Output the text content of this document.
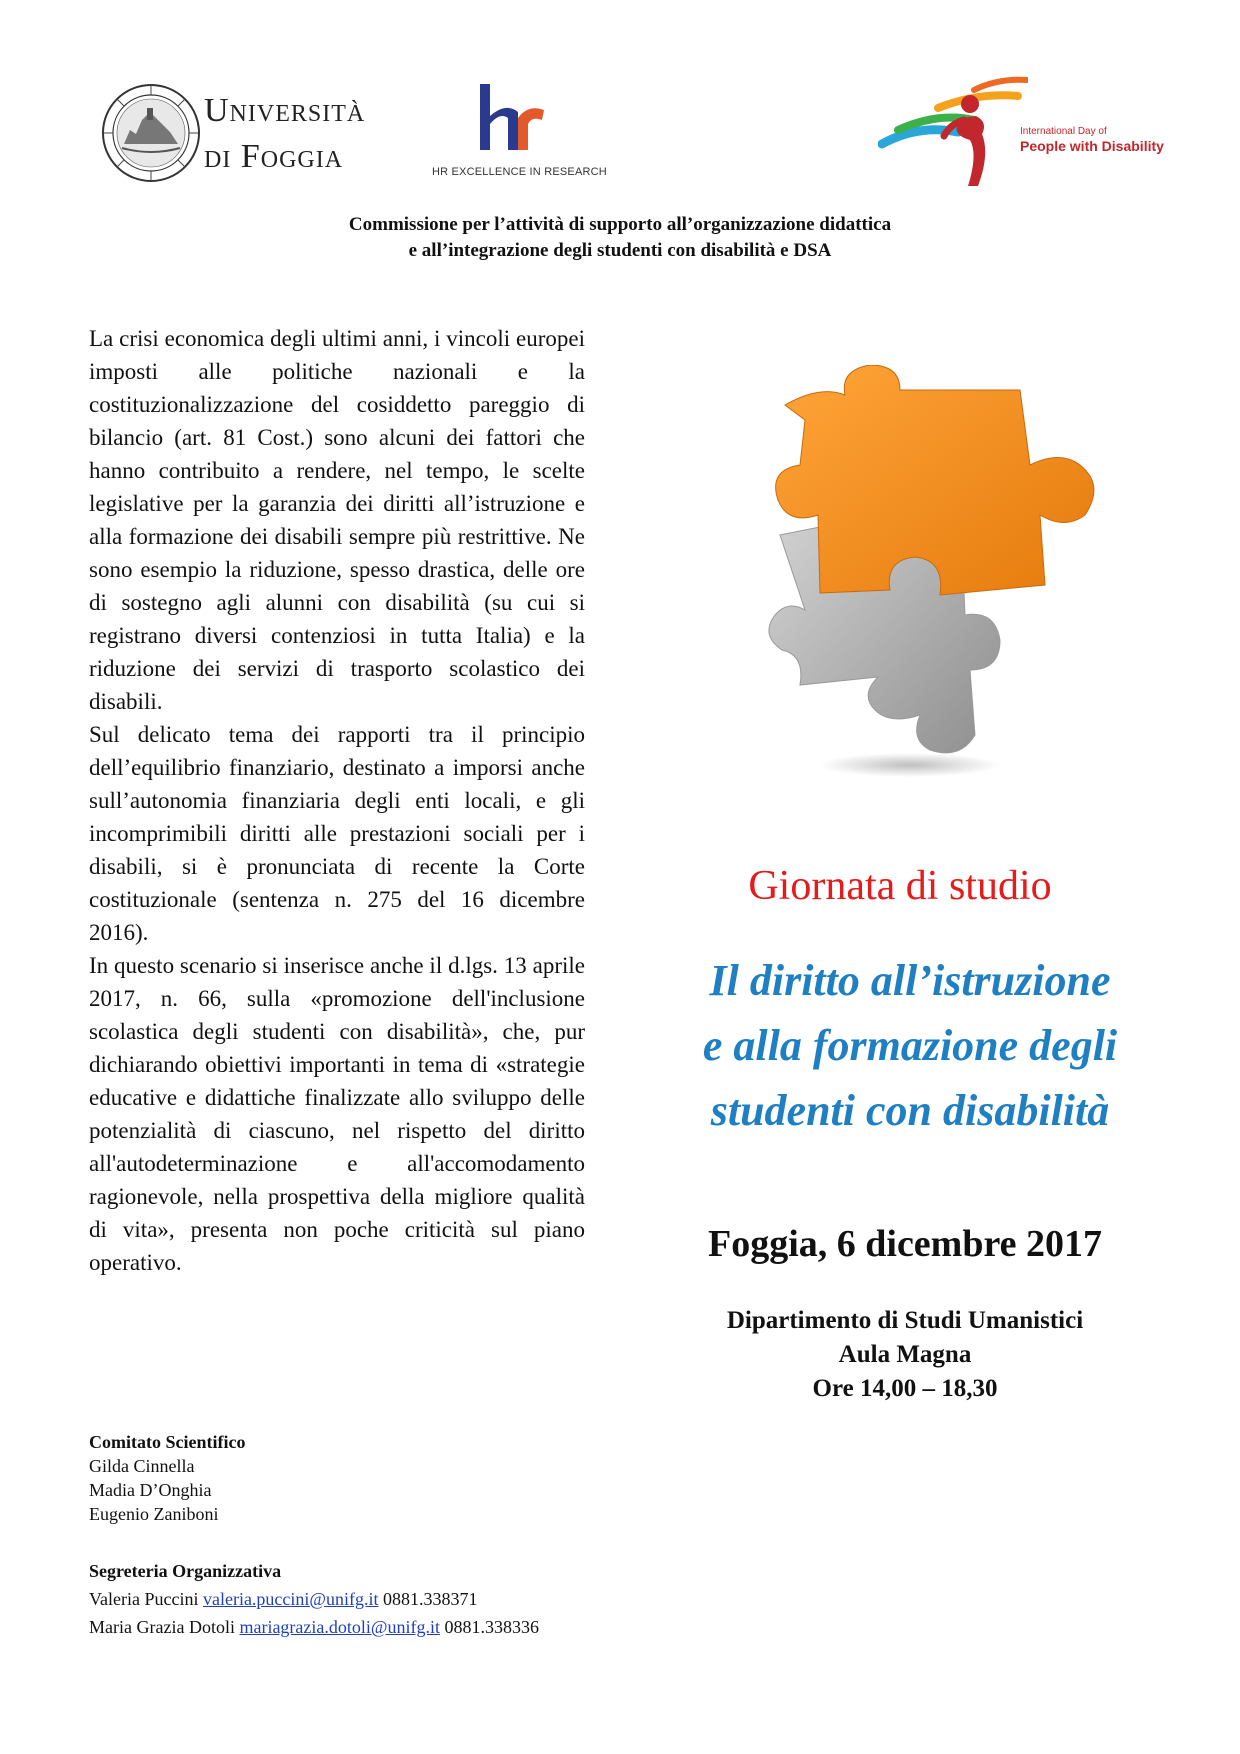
Università
di Foggia	HR EXCELLENCE IN RESEARCH
International Day of
People with Disability
Commissione per l’attività di supporto all’organizzazione didattica
e all’integrazione degli studenti con disabilità e DSA

La crisi economica degli ultimi anni, i vincoli europei imposti alle politiche nazionali e la costituzionalizzazione del cosiddetto pareggio di bilancio (art. 81 Cost.) sono alcuni dei fattori che hanno contribuito a rendere, nel tempo, le scelte legislative per la garanzia dei diritti all’istruzione e alla formazione dei disabili sempre più restrittive. Ne sono esempio la riduzione, spesso drastica, delle ore di sostegno agli alunni con disabilità (su cui si registrano diversi contenziosi in tutta Italia) e la riduzione dei servizi di trasporto scolastico dei disabili.

Sul delicato tema dei rapporti tra il principio dell’equilibrio finanziario, destinato a imporsi anche sull’autonomia finanziaria degli enti locali, e gli incomprimibili diritti alle prestazioni sociali per i disabili, si è pronunciata di recente la Corte costituzionale (sentenza n. 275 del 16 dicembre 2016).

In questo scenario si inserisce anche il d.lgs. 13 aprile 2017, n. 66, sulla «promozione dell'inclusione scolastica degli studenti con disabilità», che, pur dichiarando obiettivi importanti in tema di «strategie educative e didattiche finalizzate allo sviluppo delle potenzialità di ciascuno, nel rispetto del diritto all'autodeterminazione e all'accomodamento ragionevole, nella prospettiva della migliore qualità di vita», presenta non poche criticità sul piano operativo.

Giornata di studio
Il diritto all’istruzione
e alla formazione degli
studenti con disabilità
Foggia, 6 dicembre 2017
Dipartimento di Studi Umanistici
Aula Magna
Ore 14,00 – 18,30
Comitato Scientifico
Gilda Cinnella
Madia D’Onghia
Eugenio Zaniboni
Segreteria Organizzativa
Valeria Puccini valeria.puccini@unifg.it 0881.338371
Maria Grazia Dotoli mariagrazia.dotoli@unifg.it 0881.338336
